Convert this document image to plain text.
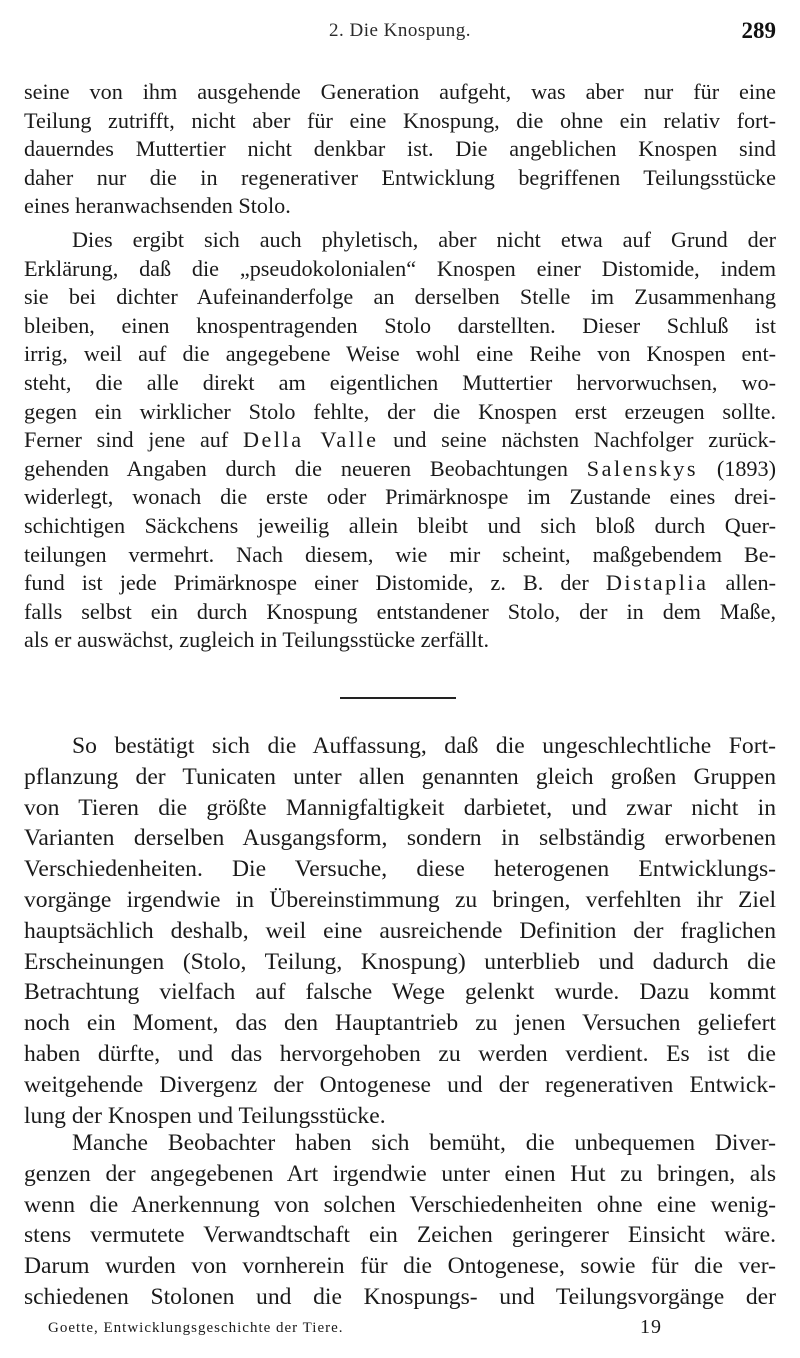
2. Die Knospung.	289
seine von ihm ausgehende Generation aufgeht, was aber nur für eine
Teilung zutrifft, nicht aber für eine Knospung, die ohne ein relativ fort-
dauerndes Muttertier nicht denkbar ist. Die angeblichen Knospen sind
daher nur die in regenerativer Entwicklung begriffenen Teilungsstücke
eines heranwachsenden Stolo.
Dies ergibt sich auch phyletisch, aber nicht etwa auf Grund der
Erklärung, daß die „pseudokolonialen“ Knospen einer Distomide, indem
sie bei dichter Aufeinanderfolge an derselben Stelle im Zusammenhang
bleiben, einen knospentragenden Stolo darstellten. Dieser Schluß ist
irrig, weil auf die angegebene Weise wohl eine Reihe von Knospen ent-
steht, die alle direkt am eigentlichen Muttertier hervorwuchsen, wo-
gegen ein wirklicher Stolo fehlte, der die Knospen erst erzeugen sollte.
Ferner sind jene auf Della Valle und seine nächsten Nachfolger zurück-
gehenden Angaben durch die neueren Beobachtungen Salenskys (1893)
widerlegt, wonach die erste oder Primärknospe im Zustande eines drei-
schichtigen Säckchens jeweilig allein bleibt und sich bloß durch Quer-
teilungen vermehrt. Nach diesem, wie mir scheint, maßgebendem Be-
fund ist jede Primärknospe einer Distomide, z. B. der Distaplia allen-
falls selbst ein durch Knospung entstandener Stolo, der in dem Maße,
als er auswächst, zugleich in Teilungsstücke zerfällt.
So bestätigt sich die Auffassung, daß die ungeschlechtliche Fort-
pflanzung der Tunicaten unter allen genannten gleich großen Gruppen
von Tieren die größte Mannigfaltigkeit darbietet, und zwar nicht in
Varianten derselben Ausgangsform, sondern in selbständig erworbenen
Verschiedenheiten. Die Versuche, diese heterogenen Entwicklungs-
vorgänge irgendwie in Übereinstimmung zu bringen, verfehlten ihr Ziel
hauptsächlich deshalb, weil eine ausreichende Definition der fraglichen
Erscheinungen (Stolo, Teilung, Knospung) unterblieb und dadurch die
Betrachtung vielfach auf falsche Wege gelenkt wurde. Dazu kommt
noch ein Moment, das den Hauptantrieb zu jenen Versuchen geliefert
haben dürfte, und das hervorgehoben zu werden verdient. Es ist die
weitgehende Divergenz der Ontogenese und der regenerativen Entwick-
lung der Knospen und Teilungsstücke.
Manche Beobachter haben sich bemüht, die unbequemen Diver-
genzen der angegebenen Art irgendwie unter einen Hut zu bringen, als
wenn die Anerkennung von solchen Verschiedenheiten ohne eine wenig-
stens vermutete Verwandtschaft ein Zeichen geringerer Einsicht wäre.
Darum wurden von vornherein für die Ontogenese, sowie für die ver-
schiedenen Stolonen und die Knospungs- und Teilungsvorgänge der
Goette, Entwicklungsgeschichte der Tiere.	19
